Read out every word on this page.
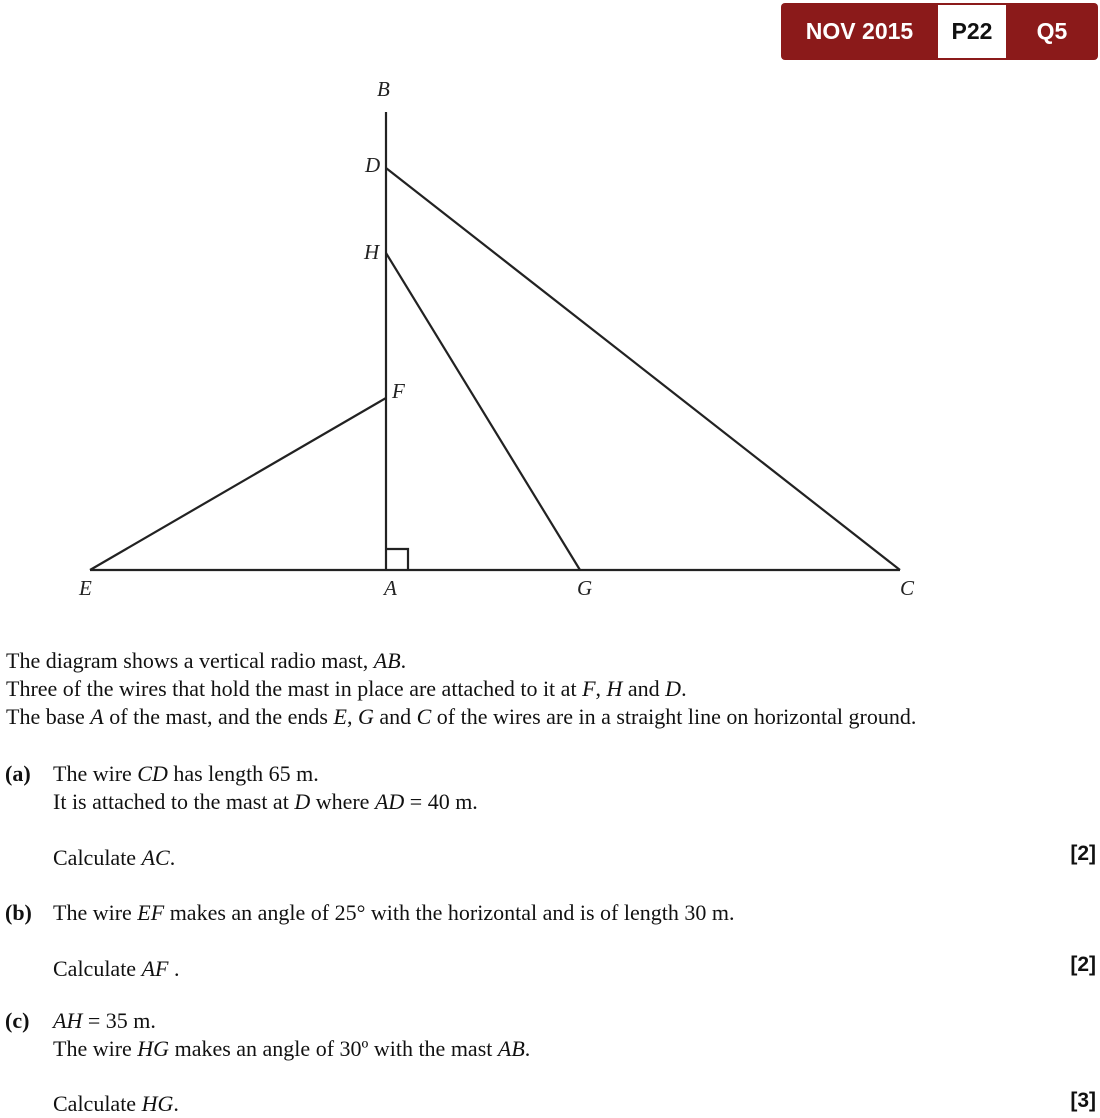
NOV 2015	P22	Q5
B
D
H
F
E	A	G	C
The diagram shows a vertical radio mast, AB.
Three of the wires that hold the mast in place are attached to it at F, H and D.
The base A of the mast, and the ends E, G and C of the wires are in a straight line on horizontal ground.
(a) The wire CD has length 65 m.
It is attached to the mast at D where AD = 40 m.
Calculate AC.	[2]
(b) The wire EF makes an angle of 25° with the horizontal and is of length 30 m.
Calculate AF .	[2]
(c) AH = 35 m.
The wire HG makes an angle of 30º with the mast AB.
Calculate HG.	[3]
